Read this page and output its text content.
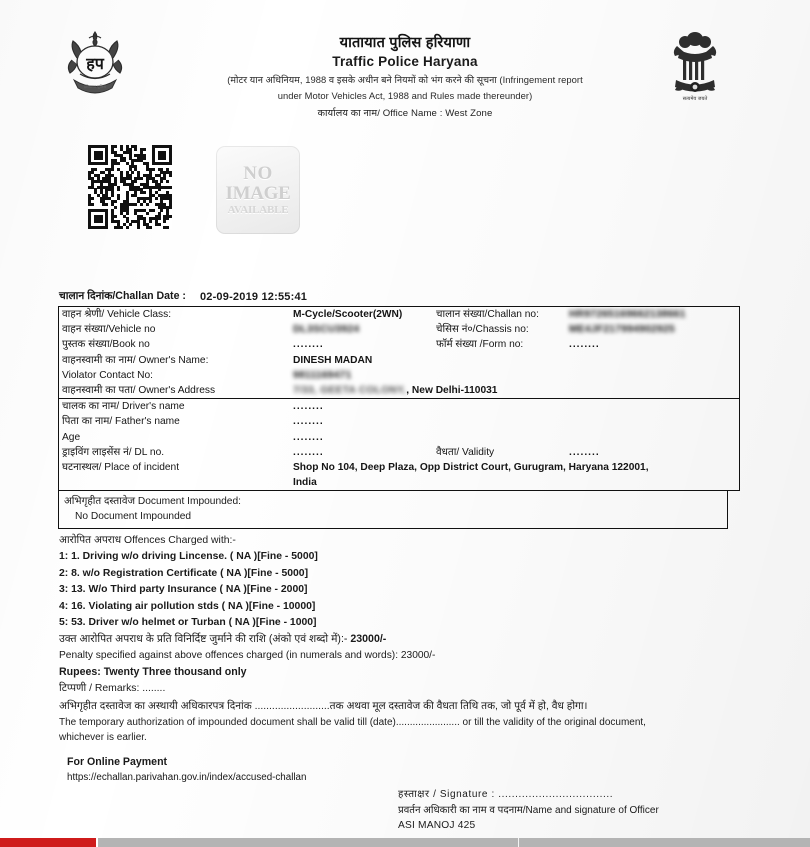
हप
हरियाणा पुलिस
यातायात पुलिस हरियाणा
Traffic Police Haryana
(मोटर यान अधिनियम, 1988 व इसके अधीन बने नियमों को भंग करने की सूचना (Infringement report
under Motor Vehicles Act, 1988 and Rules made thereunder)
कार्यालय का नाम/ Office Name : West Zone
सत्यमेव जयते
NO
IMAGE
AVAILABLE
चालान दिनांक/Challan Date : 02-09-2019 12:55:41
वाहन श्रेणी/ Vehicle Class:	M-Cycle/Scooter(2WN)	चालान संख्या/Challan no:	HR97265169662138661
वाहन संख्या/Vehicle no	DL3SCU3924	चेसिस नं०/Chassis no:	ME4JF217994902925
पुस्तक संख्या/Book no	........	फॉर्म संख्या /Form no:	........
वाहनस्वामी का नाम/ Owner's Name:	DINESH MADAN		
Violator Contact No:	9811169471		
वाहनस्वामी का पता/ Owner's Address	7/33, GEETA COLONY,, New Delhi-110031		
चालक का नाम/ Driver's name	........		
पिता का नाम/ Father's name	........		
Age	........		
ड्राइविंग लाइसेंस नं/ DL no.	........	वैधता/ Validity	........
घटनास्थल/ Place of incident	Shop No 104, Deep Plaza, Opp District Court, Gurugram, Haryana 122001,
India		
अभिगृहीत दस्तावेज Document Impounded:
No Document Impounded
आरोपित अपराध Offences Charged with:-
1: 1. Driving w/o driving Lincense. ( NA )[Fine - 5000]
2: 8. w/o Registration Certificate ( NA )[Fine - 5000]
3: 13. W/o Third party Insurance ( NA )[Fine - 2000]
4: 16. Violating air pollution stds ( NA )[Fine - 10000]
5: 53. Driver w/o helmet or Turban ( NA )[Fine - 1000]
उक्त आरोपित अपराध के प्रति विनिर्दिष्ट जुर्माने की राशि (अंको एवं शब्दो में):- 23000/-
Penalty specified against above offences charged (in numerals and words): 23000/-
Rupees: Twenty Three thousand only
टिप्पणी / Remarks: ........
अभिगृहीत दस्तावेज का अस्थायी अधिकारपत्र दिनांक ..........................तक अथवा मूल दस्तावेज की वैधता तिथि तक, जो पूर्व में हो, वैध होगा।
The temporary authorization of impounded document shall be valid till (date)....................... or till the validity of the original document,
whichever is earlier.
For Online Payment
https://echallan.parivahan.gov.in/index/accused-challan
हस्ताक्षर / Signature : ..................................
प्रवर्तन अधिकारी का नाम व पदनाम/Name and signature of Officer
ASI MANOJ 425
